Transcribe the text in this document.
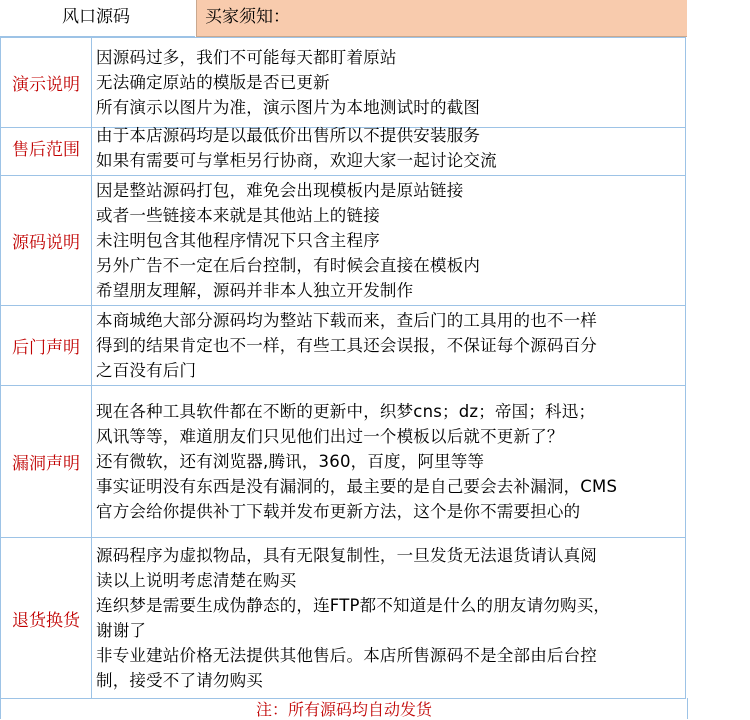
风口源码	买家须知：
演示说明
因源码过多，我们不可能每天都盯着原站
无法确定原站的模版是否已更新
所有演示以图片为准，演示图片为本地测试时的截图
售后范围
由于本店源码均是以最低价出售所以不提供安装服务
如果有需要可与掌柜另行协商，欢迎大家一起讨论交流
源码说明
因是整站源码打包，难免会出现模板内是原站链接
或者一些链接本来就是其他站上的链接
未注明包含其他程序情况下只含主程序
另外广告不一定在后台控制，有时候会直接在模板内
希望朋友理解，源码并非本人独立开发制作
后门声明
本商城绝大部分源码均为整站下载而来，查后门的工具用的也不一样
得到的结果肯定也不一样，有些工具还会误报，不保证每个源码百分
之百没有后门
漏洞声明
现在各种工具软件都在不断的更新中，织梦cns；dz；帝国；科迅；
风讯等等，难道朋友们只见他们出过一个模板以后就不更新了？
还有微软，还有浏览器,腾讯，360，百度，阿里等等
事实证明没有东西是没有漏洞的，最主要的是自己要会去补漏洞，CMS
官方会给你提供补丁下载并发布更新方法，这个是你不需要担心的
退货换货
源码程序为虚拟物品，具有无限复制性，一旦发货无法退货请认真阅
读以上说明考虑清楚在购买
连织梦是需要生成伪静态的，连FTP都不知道是什么的朋友请勿购买，
谢谢了
非专业建站价格无法提供其他售后。本店所售源码不是全部由后台控
制，接受不了请勿购买
注：所有源码均自动发货
